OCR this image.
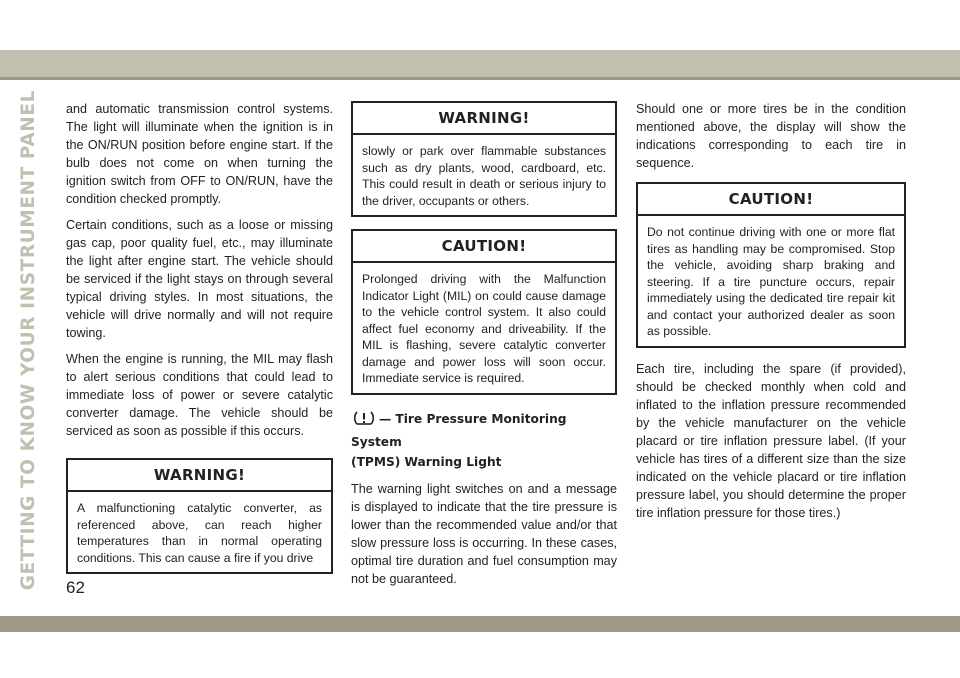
GETTING TO KNOW YOUR INSTRUMENT PANEL and automatic transmission control systems. The light will illuminate when the ignition is in the ON/RUN position before engine start. If the bulb does not come on when turning the ignition switch from OFF to ON/RUN, have the condition checked promptly.

Certain conditions, such as a loose or missing gas cap, poor quality fuel, etc., may illuminate the light after engine start. The vehicle should be serviced if the light stays on through several typical driving styles. In most situations, the vehicle will drive normally and will not require towing.

When the engine is running, the MIL may flash to alert serious conditions that could lead to immediate loss of power or severe catalytic converter damage. The vehicle should be serviced as soon as possible if this occurs.

WARNING!
A malfunctioning catalytic converter, as referenced above, can reach higher temperatures than in normal operating conditions. This can cause a fire if you drive
WARNING!
slowly or park over flammable substances such as dry plants, wood, cardboard, etc. This could result in death or serious injury to the driver, occupants or others.
CAUTION!
Prolonged driving with the Malfunction Indicator Light (MIL) on could cause damage to the vehicle control system. It also could affect fuel economy and driveability. If the MIL is flashing, severe catalytic converter damage and power loss will soon occur. Immediate service is required.
— Tire Pressure Monitoring System
(TPMS) Warning Light

The warning light switches on and a message is displayed to indicate that the tire pressure is lower than the recommended value and/or that slow pressure loss is occurring. In these cases, optimal tire duration and fuel consumption may not be guaranteed.

Should one or more tires be in the condition mentioned above, the display will show the indications corresponding to each tire in sequence.

CAUTION!
Do not continue driving with one or more flat tires as handling may be compromised. Stop the vehicle, avoiding sharp braking and steering. If a tire puncture occurs, repair immediately using the dedicated tire repair kit and contact your authorized dealer as soon as possible.

Each tire, including the spare (if provided), should be checked monthly when cold and inflated to the inflation pressure recommended by the vehicle manufacturer on the vehicle placard or tire inflation pressure label. (If your vehicle has tires of a different size than the size indicated on the vehicle placard or tire inflation pressure label, you should determine the proper tire inflation pressure for those tires.)

62
